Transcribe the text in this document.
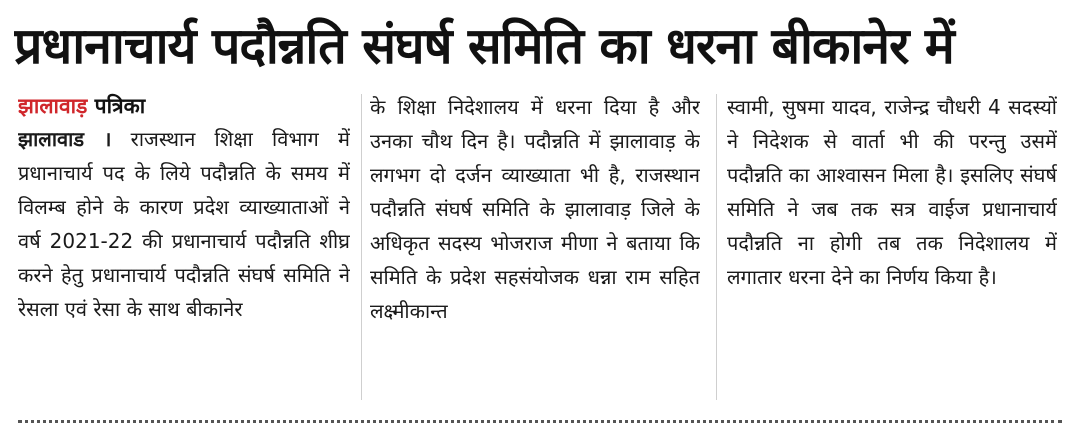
प्रधानाचार्य पदौन्नति संघर्ष समिति का धरना बीकानेर में
झालावाड़ पत्रिका
झालावाड । राजस्थान शिक्षा विभाग में प्रधानाचार्य पद के लिये पदौन्नति के समय में विलम्ब होने के कारण प्रदेश व्याख्याताओं ने वर्ष 2021-22 की प्रधानाचार्य पदौन्नति शीघ्र करने हेतु प्रधानाचार्य पदौन्नति संघर्ष समिति ने रेसला एवं रेसा के साथ बीकानेर
के शिक्षा निदेशालय में धरना दिया है और उनका चौथ दिन है। पदौन्नति में झालावाड़ के लगभग दो दर्जन व्याख्याता भी है, राजस्थान पदौन्नति संघर्ष समिति के झालावाड़ जिले के अधिकृत सदस्य भोजराज मीणा ने बताया कि समिति के प्रदेश सहसंयोजक धन्ना राम सहित लक्ष्मीकान्त
स्वामी, सुषमा यादव, राजेन्द्र चौधरी 4 सदस्यों ने निदेशक से वार्ता भी की परन्तु उसमें पदौन्नति का आश्वासन मिला है। इसलिए संघर्ष समिति ने जब तक सत्र वाईज प्रधानाचार्य पदौन्नति ना होगी तब तक निदेशालय में लगातार धरना देने का निर्णय किया है।
